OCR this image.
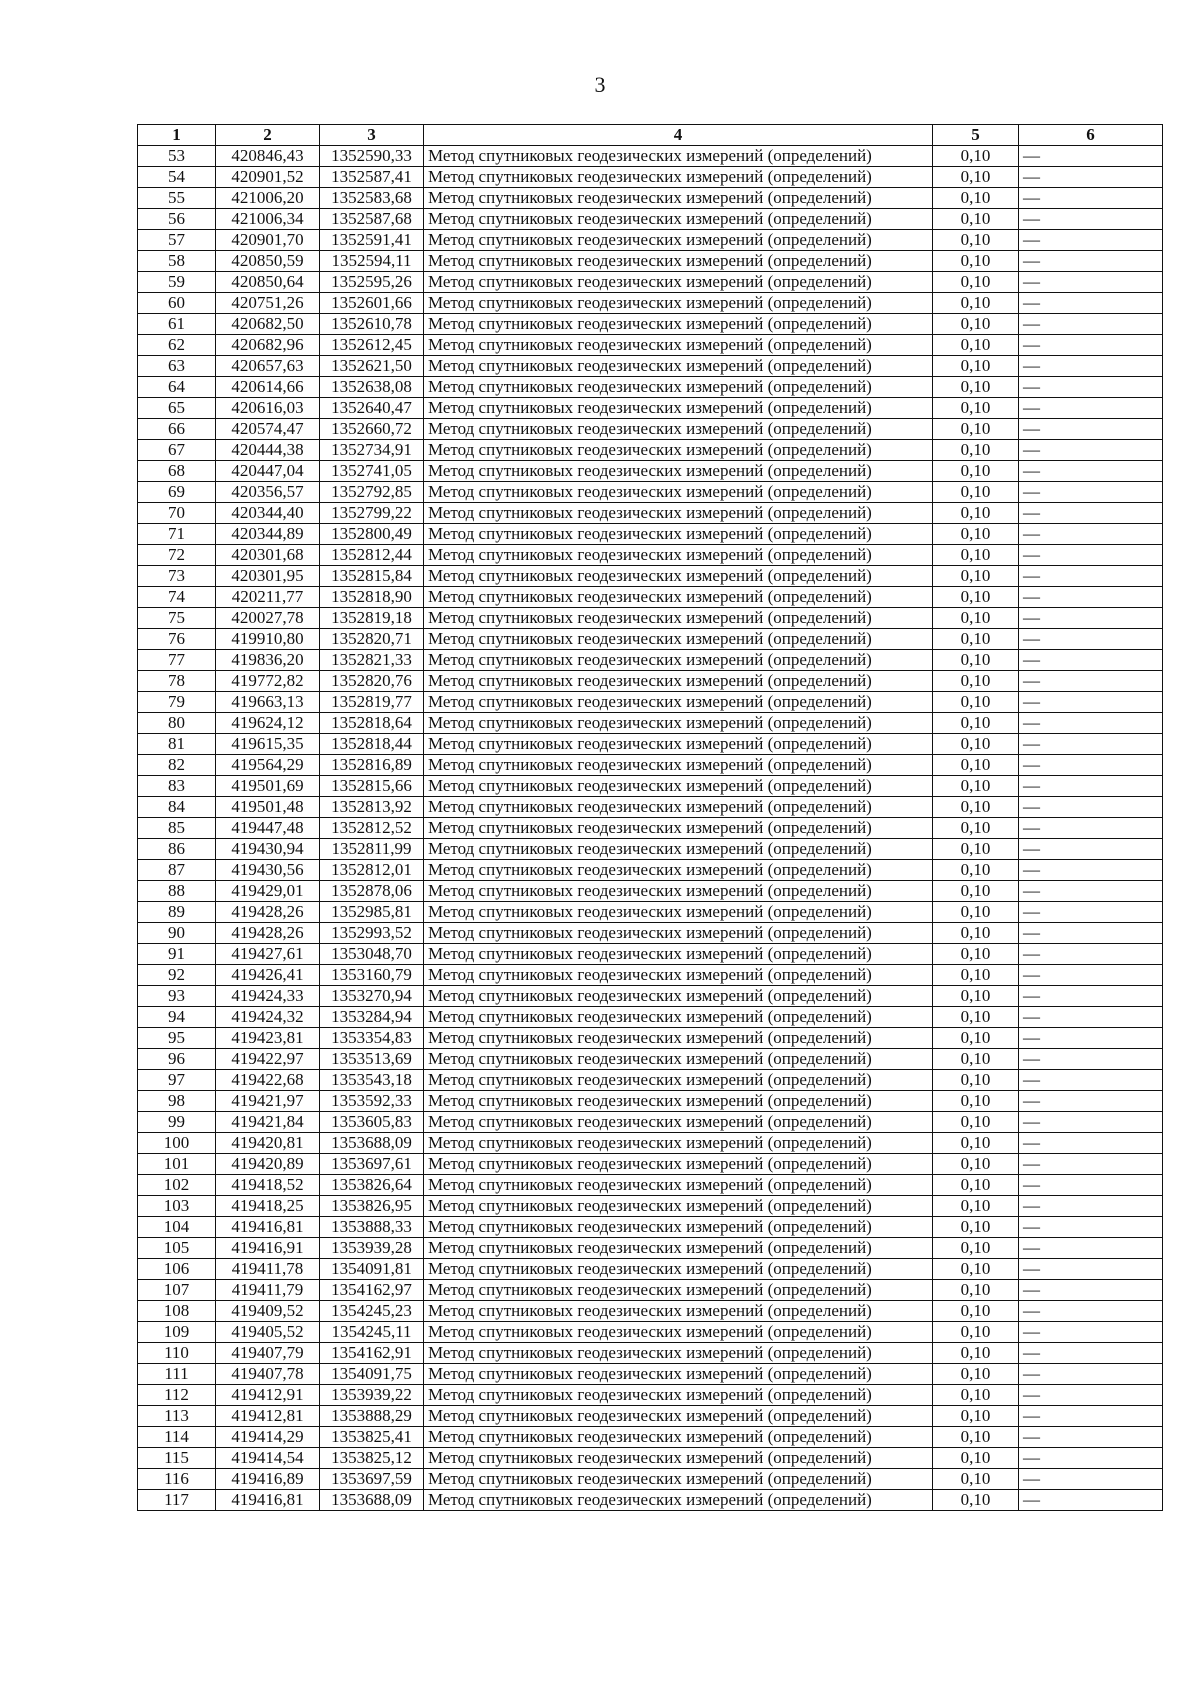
3
1	2	3	4	5	6
53	420846,43	1352590,33	Метод спутниковых геодезических измерений (определений)	0,10	—
54	420901,52	1352587,41	Метод спутниковых геодезических измерений (определений)	0,10	—
55	421006,20	1352583,68	Метод спутниковых геодезических измерений (определений)	0,10	—
56	421006,34	1352587,68	Метод спутниковых геодезических измерений (определений)	0,10	—
57	420901,70	1352591,41	Метод спутниковых геодезических измерений (определений)	0,10	—
58	420850,59	1352594,11	Метод спутниковых геодезических измерений (определений)	0,10	—
59	420850,64	1352595,26	Метод спутниковых геодезических измерений (определений)	0,10	—
60	420751,26	1352601,66	Метод спутниковых геодезических измерений (определений)	0,10	—
61	420682,50	1352610,78	Метод спутниковых геодезических измерений (определений)	0,10	—
62	420682,96	1352612,45	Метод спутниковых геодезических измерений (определений)	0,10	—
63	420657,63	1352621,50	Метод спутниковых геодезических измерений (определений)	0,10	—
64	420614,66	1352638,08	Метод спутниковых геодезических измерений (определений)	0,10	—
65	420616,03	1352640,47	Метод спутниковых геодезических измерений (определений)	0,10	—
66	420574,47	1352660,72	Метод спутниковых геодезических измерений (определений)	0,10	—
67	420444,38	1352734,91	Метод спутниковых геодезических измерений (определений)	0,10	—
68	420447,04	1352741,05	Метод спутниковых геодезических измерений (определений)	0,10	—
69	420356,57	1352792,85	Метод спутниковых геодезических измерений (определений)	0,10	—
70	420344,40	1352799,22	Метод спутниковых геодезических измерений (определений)	0,10	—
71	420344,89	1352800,49	Метод спутниковых геодезических измерений (определений)	0,10	—
72	420301,68	1352812,44	Метод спутниковых геодезических измерений (определений)	0,10	—
73	420301,95	1352815,84	Метод спутниковых геодезических измерений (определений)	0,10	—
74	420211,77	1352818,90	Метод спутниковых геодезических измерений (определений)	0,10	—
75	420027,78	1352819,18	Метод спутниковых геодезических измерений (определений)	0,10	—
76	419910,80	1352820,71	Метод спутниковых геодезических измерений (определений)	0,10	—
77	419836,20	1352821,33	Метод спутниковых геодезических измерений (определений)	0,10	—
78	419772,82	1352820,76	Метод спутниковых геодезических измерений (определений)	0,10	—
79	419663,13	1352819,77	Метод спутниковых геодезических измерений (определений)	0,10	—
80	419624,12	1352818,64	Метод спутниковых геодезических измерений (определений)	0,10	—
81	419615,35	1352818,44	Метод спутниковых геодезических измерений (определений)	0,10	—
82	419564,29	1352816,89	Метод спутниковых геодезических измерений (определений)	0,10	—
83	419501,69	1352815,66	Метод спутниковых геодезических измерений (определений)	0,10	—
84	419501,48	1352813,92	Метод спутниковых геодезических измерений (определений)	0,10	—
85	419447,48	1352812,52	Метод спутниковых геодезических измерений (определений)	0,10	—
86	419430,94	1352811,99	Метод спутниковых геодезических измерений (определений)	0,10	—
87	419430,56	1352812,01	Метод спутниковых геодезических измерений (определений)	0,10	—
88	419429,01	1352878,06	Метод спутниковых геодезических измерений (определений)	0,10	—
89	419428,26	1352985,81	Метод спутниковых геодезических измерений (определений)	0,10	—
90	419428,26	1352993,52	Метод спутниковых геодезических измерений (определений)	0,10	—
91	419427,61	1353048,70	Метод спутниковых геодезических измерений (определений)	0,10	—
92	419426,41	1353160,79	Метод спутниковых геодезических измерений (определений)	0,10	—
93	419424,33	1353270,94	Метод спутниковых геодезических измерений (определений)	0,10	—
94	419424,32	1353284,94	Метод спутниковых геодезических измерений (определений)	0,10	—
95	419423,81	1353354,83	Метод спутниковых геодезических измерений (определений)	0,10	—
96	419422,97	1353513,69	Метод спутниковых геодезических измерений (определений)	0,10	—
97	419422,68	1353543,18	Метод спутниковых геодезических измерений (определений)	0,10	—
98	419421,97	1353592,33	Метод спутниковых геодезических измерений (определений)	0,10	—
99	419421,84	1353605,83	Метод спутниковых геодезических измерений (определений)	0,10	—
100	419420,81	1353688,09	Метод спутниковых геодезических измерений (определений)	0,10	—
101	419420,89	1353697,61	Метод спутниковых геодезических измерений (определений)	0,10	—
102	419418,52	1353826,64	Метод спутниковых геодезических измерений (определений)	0,10	—
103	419418,25	1353826,95	Метод спутниковых геодезических измерений (определений)	0,10	—
104	419416,81	1353888,33	Метод спутниковых геодезических измерений (определений)	0,10	—
105	419416,91	1353939,28	Метод спутниковых геодезических измерений (определений)	0,10	—
106	419411,78	1354091,81	Метод спутниковых геодезических измерений (определений)	0,10	—
107	419411,79	1354162,97	Метод спутниковых геодезических измерений (определений)	0,10	—
108	419409,52	1354245,23	Метод спутниковых геодезических измерений (определений)	0,10	—
109	419405,52	1354245,11	Метод спутниковых геодезических измерений (определений)	0,10	—
110	419407,79	1354162,91	Метод спутниковых геодезических измерений (определений)	0,10	—
111	419407,78	1354091,75	Метод спутниковых геодезических измерений (определений)	0,10	—
112	419412,91	1353939,22	Метод спутниковых геодезических измерений (определений)	0,10	—
113	419412,81	1353888,29	Метод спутниковых геодезических измерений (определений)	0,10	—
114	419414,29	1353825,41	Метод спутниковых геодезических измерений (определений)	0,10	—
115	419414,54	1353825,12	Метод спутниковых геодезических измерений (определений)	0,10	—
116	419416,89	1353697,59	Метод спутниковых геодезических измерений (определений)	0,10	—
117	419416,81	1353688,09	Метод спутниковых геодезических измерений (определений)	0,10	—
